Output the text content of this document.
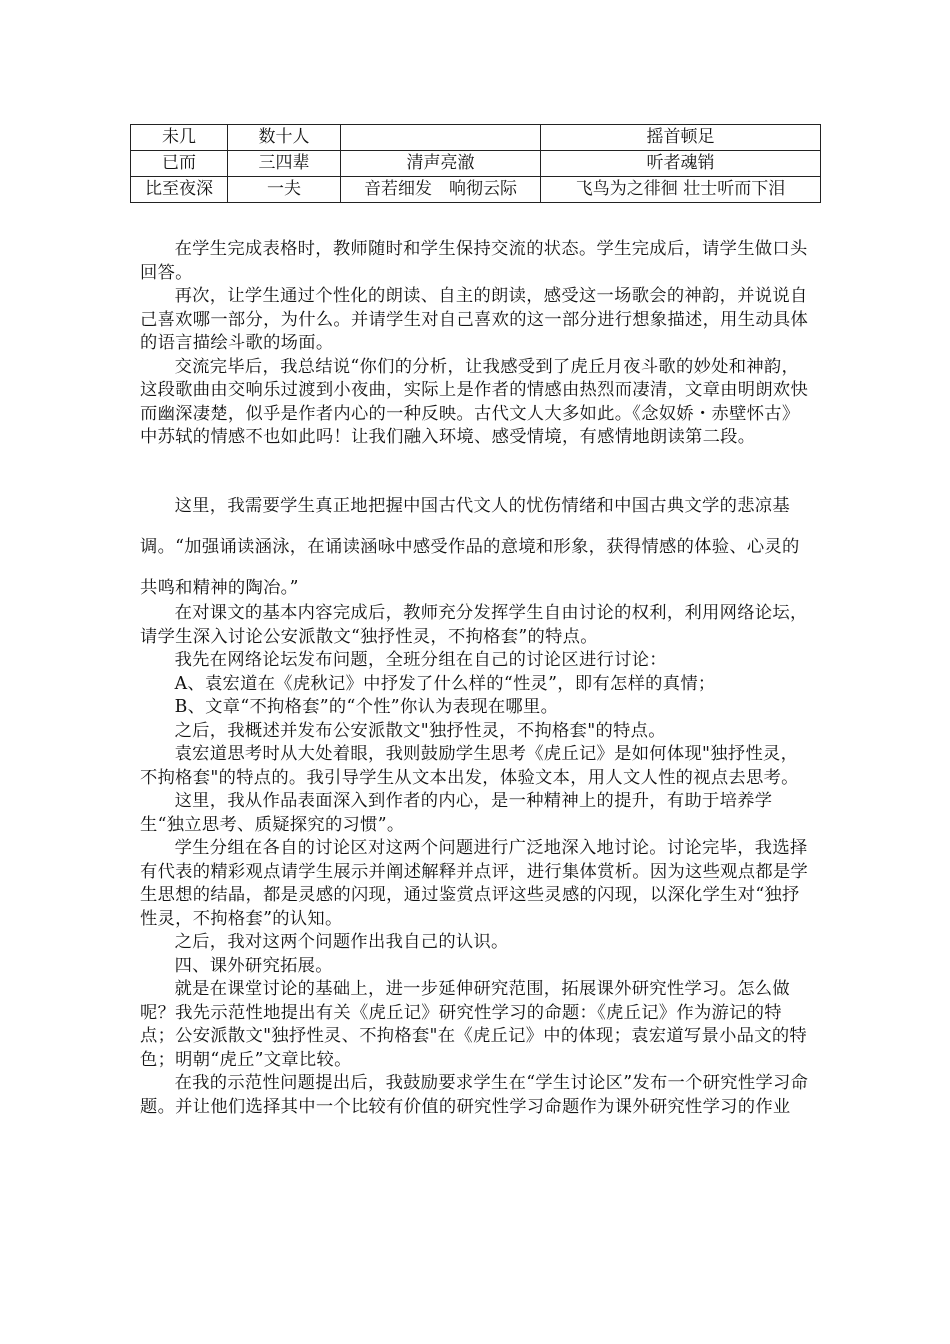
未几	数十人		摇首顿足
已而	三四辈	清声亮澈	听者魂销
比至夜深	一夫	音若细发　响彻云际	飞鸟为之徘徊 壮士听而下泪

在学生完成表格时，教师随时和学生保持交流的状态。学生完成后，请学生做口头回答。

再次，让学生通过个性化的朗读、自主的朗读，感受这一场歌会的神韵，并说说自己喜欢哪一部分，为什么。并请学生对自己喜欢的这一部分进行想象描述，用生动具体的语言描绘斗歌的场面。

交流完毕后，我总结说“你们的分析，让我感受到了虎丘月夜斗歌的妙处和神韵，这段歌曲由交响乐过渡到小夜曲，实际上是作者的情感由热烈而凄清，文章由明朗欢快而幽深凄楚，似乎是作者内心的一种反映。古代文人大多如此。《念奴娇・赤壁怀古》中苏轼的情感不也如此吗！让我们融入环境、感受情境，有感情地朗读第二段。

这里，我需要学生真正地把握中国古代文人的忧伤情绪和中国古典文学的悲凉基调。“加强诵读涵泳，在诵读涵咏中感受作品的意境和形象，获得情感的体验、心灵的共鸣和精神的陶冶。”

在对课文的基本内容完成后，教师充分发挥学生自由讨论的权利，利用网络论坛，请学生深入讨论公安派散文“独抒性灵，不拘格套”的特点。

我先在网络论坛发布问题，全班分组在自己的讨论区进行讨论：

A、袁宏道在《虎秋记》中抒发了什么样的“性灵”，即有怎样的真情；

B、文章“不拘格套”的“个性”你认为表现在哪里。

之后，我概述并发布公安派散文"独抒性灵，不拘格套"的特点。

袁宏道思考时从大处着眼，我则鼓励学生思考《虎丘记》是如何体现"独抒性灵，不拘格套"的特点的。我引导学生从文本出发，体验文本，用人文人性的视点去思考。

这里，我从作品表面深入到作者的内心，是一种精神上的提升，有助于培养学生“独立思考、质疑探究的习惯”。

学生分组在各自的讨论区对这两个问题进行广泛地深入地讨论。讨论完毕，我选择有代表的精彩观点请学生展示并阐述解释并点评，进行集体赏析。因为这些观点都是学生思想的结晶，都是灵感的闪现，通过鉴赏点评这些灵感的闪现，以深化学生对“独抒性灵，不拘格套”的认知。

之后，我对这两个问题作出我自己的认识。

四、课外研究拓展。

就是在课堂讨论的基础上，进一步延伸研究范围，拓展课外研究性学习。怎么做呢？我先示范性地提出有关《虎丘记》研究性学习的命题：《虎丘记》作为游记的特点；公安派散文"独抒性灵、不拘格套"在《虎丘记》中的体现；袁宏道写景小品文的特色；明朝“虎丘”文章比较。

在我的示范性问题提出后，我鼓励要求学生在“学生讨论区”发布一个研究性学习命题。并让他们选择其中一个比较有价值的研究性学习命题作为课外研究性学习的作业
